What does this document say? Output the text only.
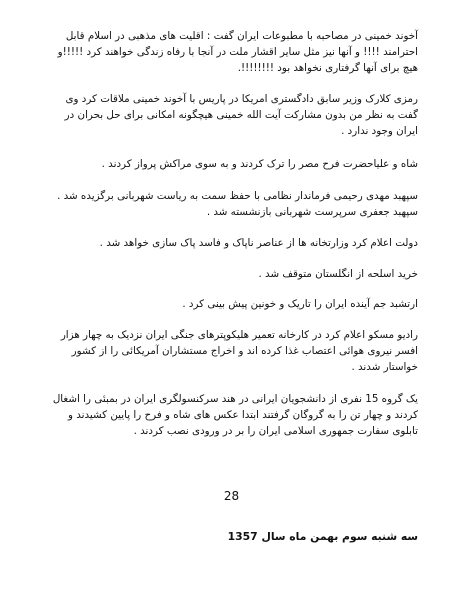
آخوند خمینی در مصاحبه با مطبوعات ایران گفت : اقلیت های مذهبی در اسلام قابل احترامند !!!! و آنها نیز مثل سایر اقشار ملت در آنجا با رفاه زندگی خواهند کرد !!!!!و هیچ برای آنها گرفتاری نخواهد بود !!!!!!!!.
رمزی کلارک وزیر سابق دادگستری امریکا در پاریس با آخوند خمینی ملاقات کرد وی گفت به نظر من بدون مشارکت آیت الله خمینی هیچگونه امکانی برای حل بحران در ایران وجود ندارد .
شاه و علیاحضرت فرح مصر را ترک کردند و به سوی مراکش پرواز کردند .
سپهبد مهدی رحیمی فرماندار نظامی با حفظ سمت به ریاست شهربانی برگزیده شد . سپهبد جعفری سرپرست شهربانی بازنشسته شد .
دولت اعلام کرد وزارتخانه ها از عناصر ناپاک و فاسد پاک سازی خواهد شد .
خرید اسلحه از انگلستان متوقف شد .
ارتشبد جم آینده ایران را تاریک و خونین پیش بینی کرد .
رادیو مسکو اعلام کرد در کارخانه تعمیر هلیکوپترهای جنگی ایران نزدیک به چهار هزار افسر نیروی هوائی اعتصاب غذا کرده اند و اخراج مستشاران آمریکائی را از کشور خواستار شدند .
یک گروه 15 نفری از دانشجویان ایرانی در هند سرکنسولگری ایران در بمبئی را اشغال کردند و چهار تن را به گروگان گرفتند ابتدا عکس های شاه و فرح را پایین کشیدند و تابلوی سفارت جمهوری اسلامی ایران را بر در ورودی نصب کردند .
28
سه شنبه سوم بهمن ماه سال 1357
